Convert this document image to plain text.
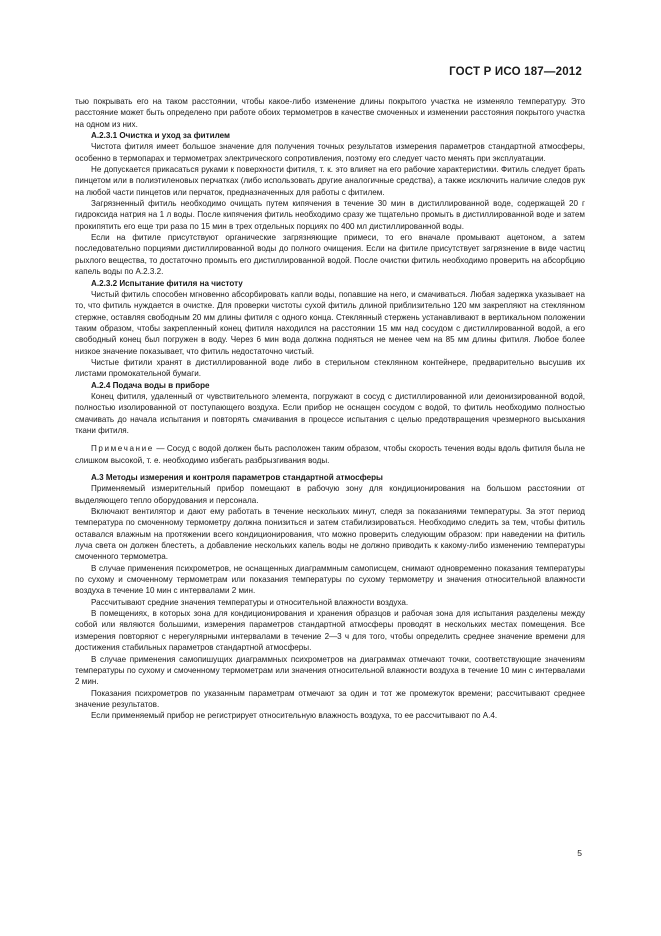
ГОСТ Р ИСО 187—2012

тью покрывать его на таком расстоянии, чтобы какое-либо изменение длины покрытого участка не изменяло температуру. Это расстояние может быть определено при работе обоих термометров в качестве смоченных и изменении расстояния покрытого участка на одном из них.

А.2.3.1 Очистка и уход за фитилем

Чистота фитиля имеет большое значение для получения точных результатов измерения параметров стандартной атмосферы, особенно в термопарах и термометрах электрического сопротивления, поэтому его следует часто менять при эксплуатации.

Не допускается прикасаться руками к поверхности фитиля, т. к. это влияет на его рабочие характеристики. Фитиль следует брать пинцетом или в полиэтиленовых перчатках (либо использовать другие аналогичные средства), а также исключить наличие следов рук на любой части пинцетов или перчаток, предназначенных для работы с фитилем.

Загрязненный фитиль необходимо очищать путем кипячения в течение 30 мин в дистиллированной воде, содержащей 20 г гидроксида натрия на 1 л воды. После кипячения фитиль необходимо сразу же тщательно промыть в дистиллированной воде и затем прокипятить его еще три раза по 15 мин в трех отдельных порциях по 400 мл дистиллированной воды.

Если на фитиле присутствуют органические загрязняющие примеси, то его вначале промывают ацетоном, а затем последовательно порциями дистиллированной воды до полного очищения. Если на фитиле присутствует загрязнение в виде частиц рыхлого вещества, то достаточно промыть его дистиллированной водой. После очистки фитиль необходимо проверить на абсорбцию капель воды по А.2.3.2.

А.2.3.2 Испытание фитиля на чистоту

Чистый фитиль способен мгновенно абсорбировать капли воды, попавшие на него, и смачиваться. Любая задержка указывает на то, что фитиль нуждается в очистке. Для проверки чистоты сухой фитиль длиной приблизительно 120 мм закрепляют на стеклянном стержне, оставляя свободным 20 мм длины фитиля с одного конца. Стеклянный стержень устанавливают в вертикальном положении таким образом, чтобы закрепленный конец фитиля находился на расстоянии 15 мм над сосудом с дистиллированной водой, а его свободный конец был погружен в воду. Через 6 мин вода должна подняться не менее чем на 85 мм длины фитиля. Любое более низкое значение показывает, что фитиль недостаточно чистый.

Чистые фитили хранят в дистиллированной воде либо в стерильном стеклянном контейнере, предварительно высушив их листами промокательной бумаги.

А.2.4 Подача воды в приборе

Конец фитиля, удаленный от чувствительного элемента, погружают в сосуд с дистиллированной или деионизированной водой, полностью изолированной от поступающего воздуха. Если прибор не оснащен сосудом с водой, то фитиль необходимо полностью смачивать до начала испытания и повторять смачивания в процессе испытания с целью предотвращения чрезмерного высыхания ткани фитиля.

Примечание — Сосуд с водой должен быть расположен таким образом, чтобы скорость течения воды вдоль фитиля была не слишком высокой, т. е. необходимо избегать разбрызгивания воды.

А.3 Методы измерения и контроля параметров стандартной атмосферы

Применяемый измерительный прибор помещают в рабочую зону для кондиционирования на большом расстоянии от выделяющего тепло оборудования и персонала.

Включают вентилятор и дают ему работать в течение нескольких минут, следя за показаниями температуры. За этот период температура по смоченному термометру должна понизиться и затем стабилизироваться. Необходимо следить за тем, чтобы фитиль оставался влажным на протяжении всего кондиционирования, что можно проверить следующим образом: при наведении на фитиль луча света он должен блестеть, а добавление нескольких капель воды не должно приводить к какому-либо изменению температуры смоченного термометра.

В случае применения психрометров, не оснащенных диаграммным самописцем, снимают одновременно показания температуры по сухому и смоченному термометрам или показания температуры по сухому термометру и значения относительной влажности воздуха в течение 10 мин с интервалами 2 мин.

Рассчитывают средние значения температуры и относительной влажности воздуха.

В помещениях, в которых зона для кондиционирования и хранения образцов и рабочая зона для испытания разделены между собой или являются большими, измерения параметров стандартной атмосферы проводят в нескольких местах помещения. Все измерения повторяют с нерегулярными интервалами в течение 2—3 ч для того, чтобы определить среднее значение времени для достижения стабильных параметров стандартной атмосферы.

В случае применения самопишущих диаграммных психрометров на диаграммах отмечают точки, соответствующие значениям температуры по сухому и смоченному термометрам или значения относительной влажности воздуха в течение 10 мин с интервалами 2 мин.

Показания психрометров по указанным параметрам отмечают за один и тот же промежуток времени; рассчитывают среднее значение результатов.

Если применяемый прибор не регистрирует относительную влажность воздуха, то ее рассчитывают по А.4.

5
